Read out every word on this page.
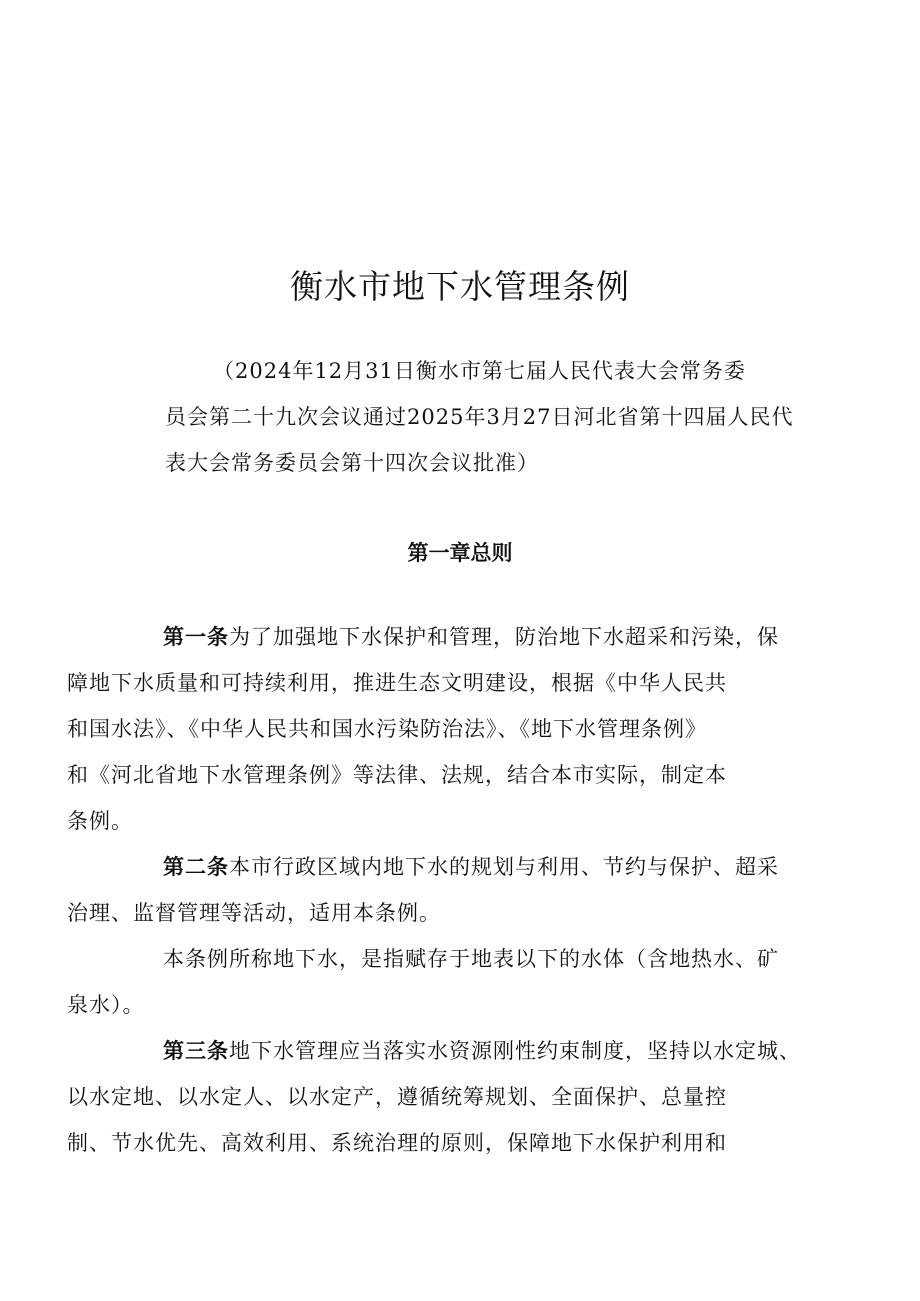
衡水市地下水管理条例
（2024年12月31日衡水市第七届人民代表大会常务委
员会第二十九次会议通过2025年3月27日河北省第十四届人民代
表大会常务委员会第十四次会议批准）
第一章总则
第一条为了加强地下水保护和管理，防治地下水超采和污染，保
障地下水质量和可持续利用，推进生态文明建设，根据《中华人民共
和国水法》、《中华人民共和国水污染防治法》、《地下水管理条例》
和《河北省地下水管理条例》等法律、法规，结合本市实际，制定本
条例。
第二条本市行政区域内地下水的规划与利用、节约与保护、超采
治理、监督管理等活动，适用本条例。
本条例所称地下水，是指赋存于地表以下的水体（含地热水、矿
泉水）。
第三条地下水管理应当落实水资源刚性约束制度，坚持以水定城、
以水定地、以水定人、以水定产，遵循统筹规划、全面保护、总量控
制、节水优先、高效利用、系统治理的原则，保障地下水保护利用和
